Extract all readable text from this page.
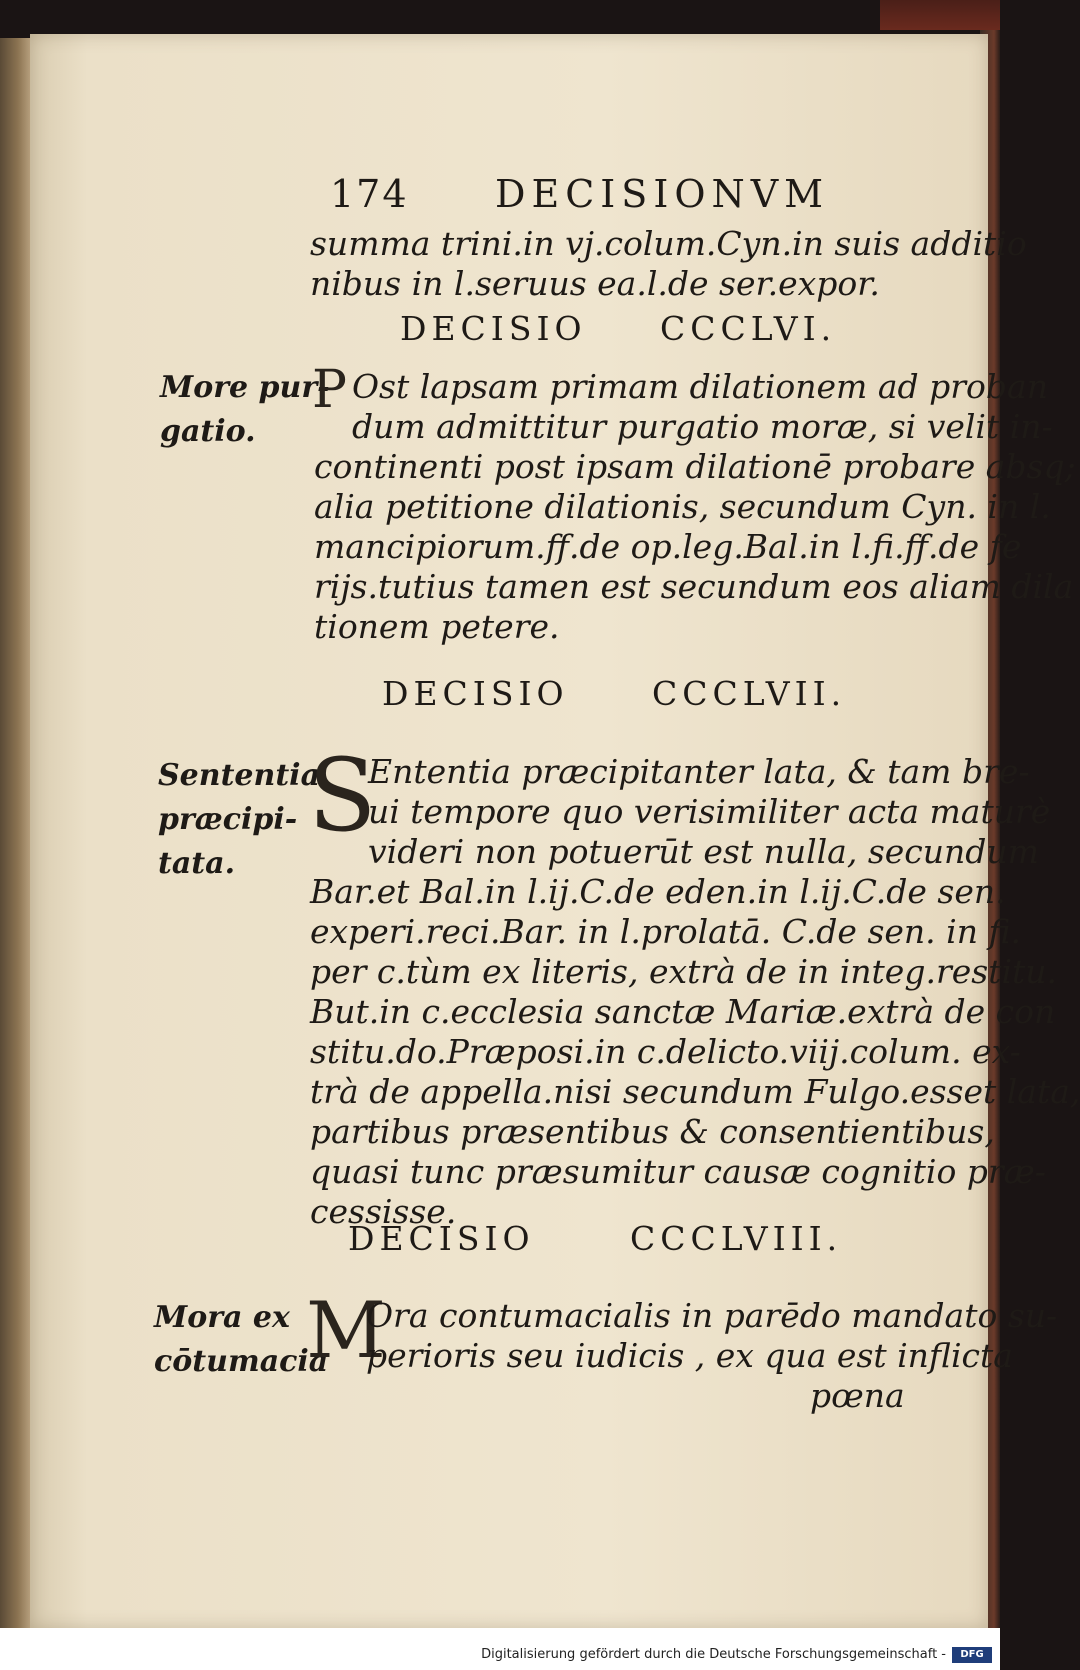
174 DECISIONVM
summa trini.in vj.colum.Cyn.in suis additio
nibus in l.seruus ea.l.de ser.expor.
DECISIO CCCLVI.
More pur-
gatio.
P Ost lapsam primam dilationem ad proban
dum admittitur purgatio moræ, si velit in-
continenti post ipsam dilationē probare absq;
alia petitione dilationis, secundum Cyn. in l.
mancipiorum.ff.de op.leg.Bal.in l.fi.ff.de fe
rijs.tutius tamen est secundum eos aliam dila
tionem petere.
DECISIO	CCCLVII.
Sententia
præcipi-
tata.
S
Ententia præcipitanter lata, & tam bre-
ui tempore quo verisimiliter acta maturè
videri non potuerūt est nulla, secundum
Bar.et Bal.in l.ij.C.de eden.in l.ij.C.de sen.
experi.reci.Bar. in l.prolatā. C.de sen. in fi.
per c.tùm ex literis, extrà de in integ.restitu.
But.in c.ecclesia sanctæ Mariæ.extrà de con
stitu.do.Præposi.in c.delicto.viij.colum. ex-
trà de appella.nisi secundum Fulgo.esset lata,
partibus præsentibus & consentientibus,
quasi tunc præsumitur causæ cognitio præ-
cessisse.
DECISIO	CCCLVIII.
Mora ex
cōtumacia
M
Ora contumacialis in parēdo mandato su-
perioris seu iudicis , ex qua est inflicta
pœna
Digitalisierung gefördert durch die Deutsche Forschungsgemeinschaft -	DFG
